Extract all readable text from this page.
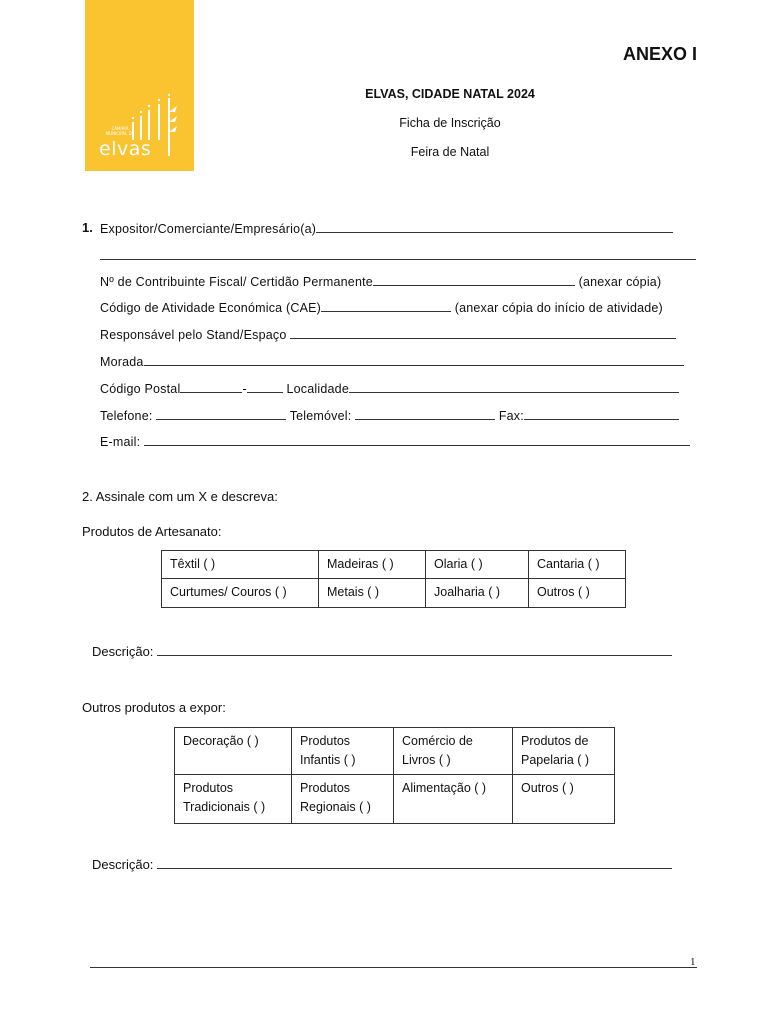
CÂMARA MUNICIPAL DE
elvas
ANEXO I
ELVAS, CIDADE NATAL 2024
Ficha de Inscrição
Feira de Natal
1. Expositor/Comerciante/Empresário(a)
Nº de Contribuinte Fiscal/ Certidão Permanente	(anexar cópia)
Código de Atividade Económica (CAE)	(anexar cópia do início de atividade)
Responsável pelo Stand/Espaço
Morada
Código Postal	-	Localidade
Telefone:	Telemóvel:	Fax:
E-mail:
2. Assinale com um X e descreva:
Produtos de Artesanato:
Têxtil ( )	Madeiras ( )	Olaria ( )	Cantaria ( )
Curtumes/ Couros ( )	Metais ( )	Joalharia ( )	Outros ( )
Descrição:
Outros produtos a expor:
Decoração ( )	Produtos Infantis ( )	Comércio de Livros ( )	Produtos de Papelaria ( )
Produtos Tradicionais ( )	Produtos Regionais ( )	Alimentação ( )	Outros ( )
Descrição:
1
